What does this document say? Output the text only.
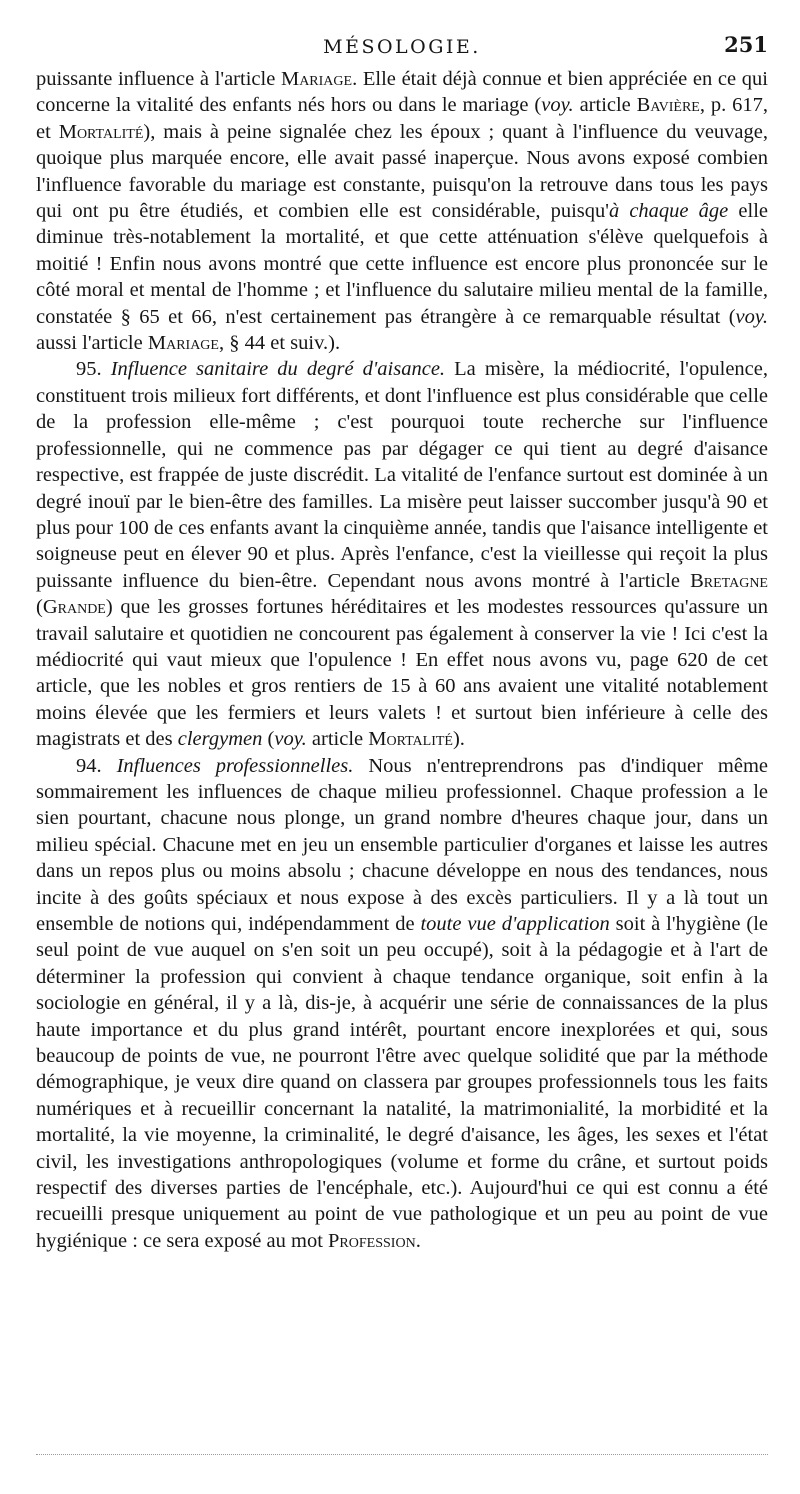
MÉSOLOGIE.	251

puissante influence à l'article Mariage. Elle était déjà connue et bien appréciée en ce qui concerne la vitalité des enfants nés hors ou dans le mariage (voy. article Bavière, p. 617, et Mortalité), mais à peine signalée chez les époux ; quant à l'influence du veuvage, quoique plus marquée encore, elle avait passé inaperçue. Nous avons exposé combien l'influence favorable du mariage est constante, puisqu'on la retrouve dans tous les pays qui ont pu être étudiés, et combien elle est considérable, puisqu'à chaque âge elle diminue très-notablement la mortalité, et que cette atténuation s'élève quelquefois à moitié ! Enfin nous avons montré que cette influence est encore plus prononcée sur le côté moral et mental de l'homme ; et l'influence du salutaire milieu mental de la famille, constatée § 65 et 66, n'est certainement pas étrangère à ce remarquable résultat (voy. aussi l'article Mariage, § 44 et suiv.).

95. Influence sanitaire du degré d'aisance. La misère, la médiocrité, l'opulence, constituent trois milieux fort différents, et dont l'influence est plus considérable que celle de la profession elle-même ; c'est pourquoi toute recherche sur l'influence professionnelle, qui ne commence pas par dégager ce qui tient au degré d'aisance respective, est frappée de juste discrédit. La vitalité de l'enfance surtout est dominée à un degré inouï par le bien-être des familles. La misère peut laisser succomber jusqu'à 90 et plus pour 100 de ces enfants avant la cinquième année, tandis que l'aisance intelligente et soigneuse peut en élever 90 et plus. Après l'enfance, c'est la vieillesse qui reçoit la plus puissante influence du bien-être. Cependant nous avons montré à l'article Bretagne (Grande) que les grosses fortunes héréditaires et les modestes ressources qu'assure un travail salutaire et quotidien ne concourent pas également à conserver la vie ! Ici c'est la médiocrité qui vaut mieux que l'opulence ! En effet nous avons vu, page 620 de cet article, que les nobles et gros rentiers de 15 à 60 ans avaient une vitalité notablement moins élevée que les fermiers et leurs valets ! et surtout bien inférieure à celle des magistrats et des clergymen (voy. article Mortalité).

94. Influences professionnelles. Nous n'entreprendrons pas d'indiquer même sommairement les influences de chaque milieu professionnel. Chaque profession a le sien pourtant, chacune nous plonge, un grand nombre d'heures chaque jour, dans un milieu spécial. Chacune met en jeu un ensemble particulier d'organes et laisse les autres dans un repos plus ou moins absolu ; chacune développe en nous des tendances, nous incite à des goûts spéciaux et nous expose à des excès particuliers. Il y a là tout un ensemble de notions qui, indépendamment de toute vue d'application soit à l'hygiène (le seul point de vue auquel on s'en soit un peu occupé), soit à la pédagogie et à l'art de déterminer la profession qui convient à chaque tendance organique, soit enfin à la sociologie en général, il y a là, dis-je, à acquérir une série de connaissances de la plus haute importance et du plus grand intérêt, pourtant encore inexplorées et qui, sous beaucoup de points de vue, ne pourront l'être avec quelque solidité que par la méthode démographique, je veux dire quand on classera par groupes professionnels tous les faits numériques et à recueillir concernant la natalité, la matrimonialité, la morbidité et la mortalité, la vie moyenne, la criminalité, le degré d'aisance, les âges, les sexes et l'état civil, les investigations anthropologiques (volume et forme du crâne, et surtout poids respectif des diverses parties de l'encéphale, etc.). Aujourd'hui ce qui est connu a été recueilli presque uniquement au point de vue pathologique et un peu au point de vue hygiénique : ce sera exposé au mot Profession.
